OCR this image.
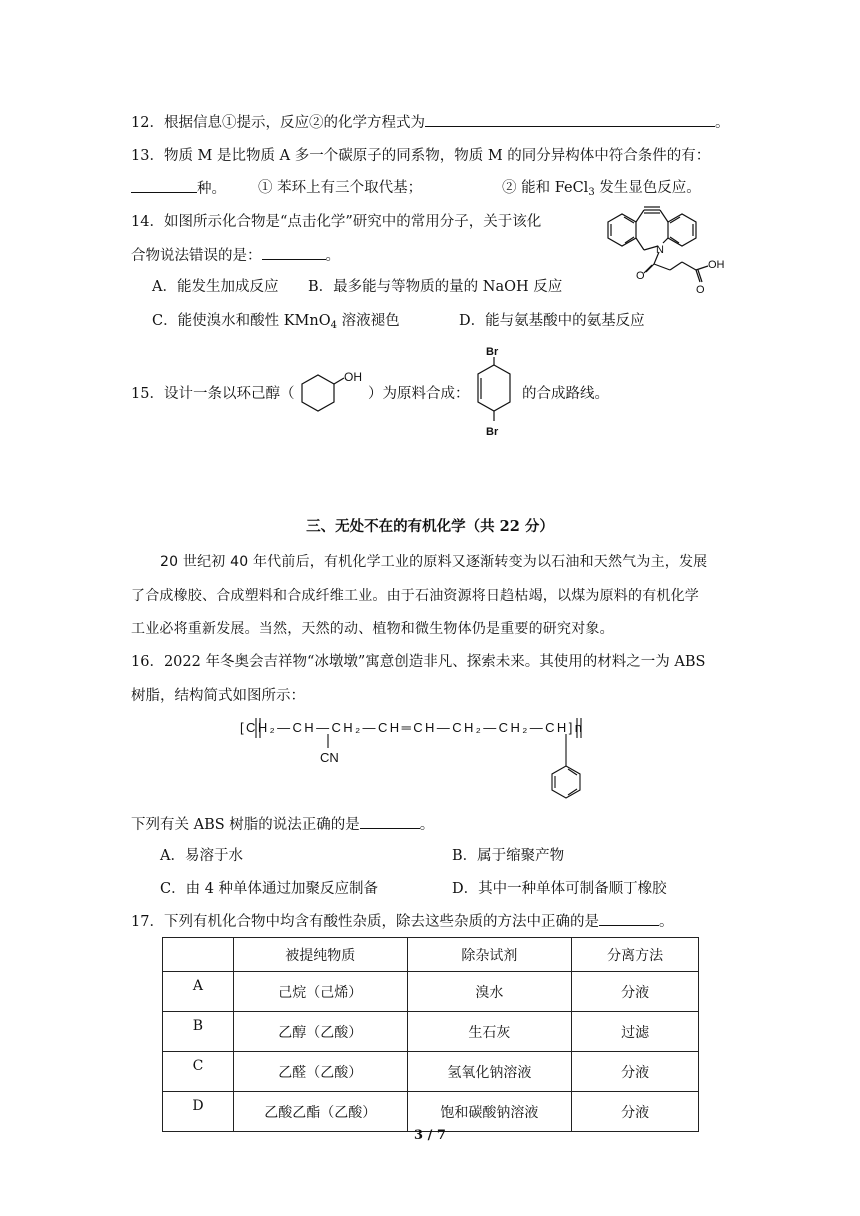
12．根据信息①提示，反应②的化学方程式为	。
13．物质 M 是比物质 A 多一个碳原子的同系物，物质 M 的同分异构体中符合条件的有：
种。 ① 苯环上有三个取代基；	② 能和 FeCl$_3$ 发生显色反应。
14．如图所示化合物是“点击化学”研究中的常用分子，关于该化
合物说法错误的是：	。
A．能发生加成反应 B．最多能与等物质的量的 NaOH 反应
C．能使溴水和酸性 KMnO$_4$ 溶液褪色	D．能与氨基酸中的氨基反应
N
O
O
OH
15．设计一条以环己醇（
OH
）为原料合成：
Br
Br
的合成路线。
三、无处不在的有机化学（共 22 分）
20 世纪初 40 年代前后，有机化学工业的原料又逐渐转变为以石油和天然气为主，发展
了合成橡胶、合成塑料和合成纤维工业。由于石油资源将日趋枯竭，以煤为原料的有机化学
工业必将重新发展。当然，天然的动、植物和微生物体仍是重要的研究对象。
16．2022 年冬奥会吉祥物“冰墩墩”寓意创造非凡、探索未来。其使用的材料之一为 ABS
树脂，结构简式如图所示：
[CH₂—CH—CH₂—CH═CH—CH₂—CH₂—CH]n
CN
下列有关 ABS 树脂的说法正确的是	。
A．易溶于水	B．属于缩聚产物
C．由 4 种单体通过加聚反应制备	D．其中一种单体可制备顺丁橡胶
17．下列有机化合物中均含有酸性杂质，除去这些杂质的方法中正确的是	。
	被提纯物质	除杂试剂	分离方法
A	己烷（己烯）	溴水	分液
B	乙醇（乙酸）	生石灰	过滤
C	乙醛（乙酸）	氢氧化钠溶液	分液
D	乙酸乙酯（乙酸）	饱和碳酸钠溶液	分液
3 / 7
